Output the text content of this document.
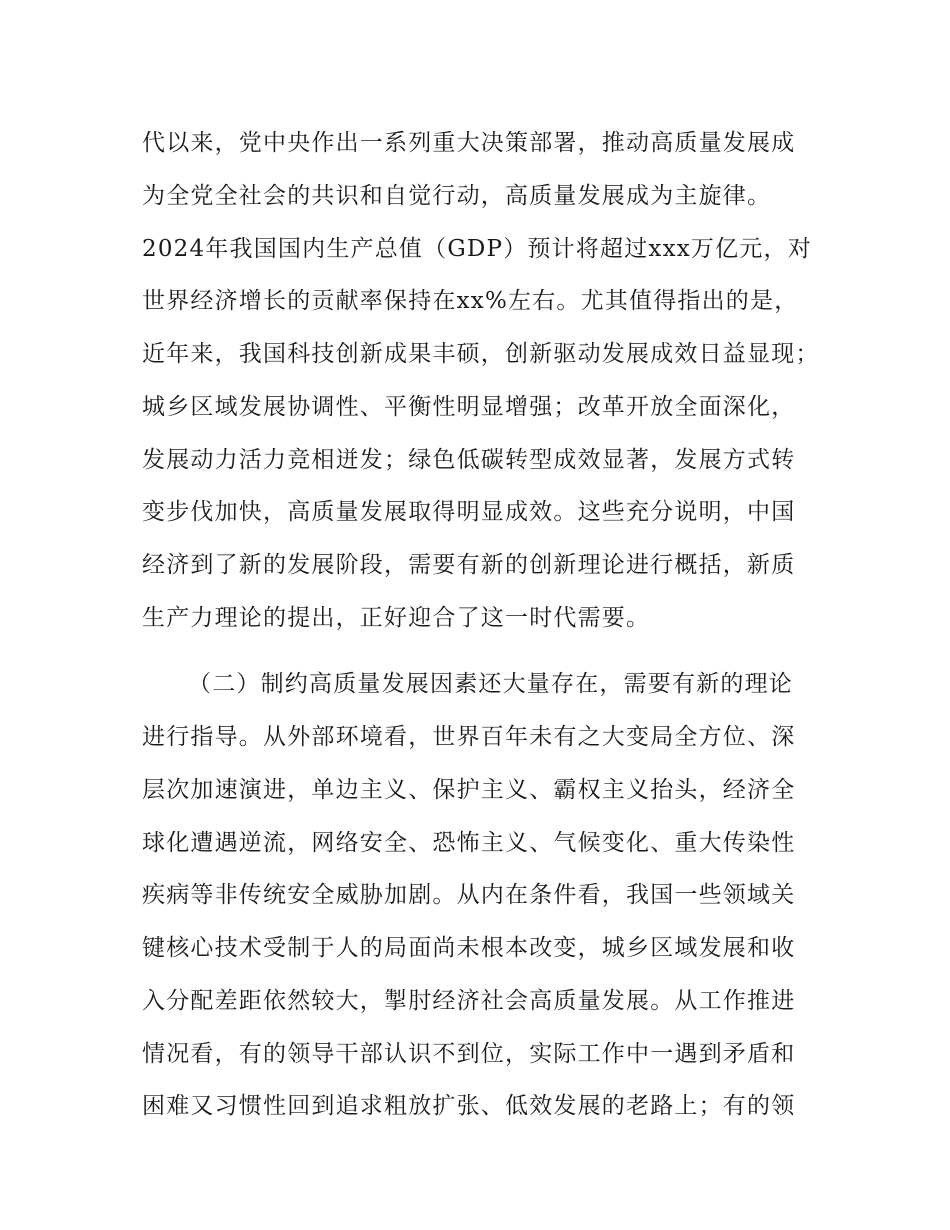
代以来，党中央作出一系列重大决策部署，推动高质量发展成
为全党全社会的共识和自觉行动，高质量发展成为主旋律。
2024年我国国内生产总值（GDP）预计将超过xxx万亿元，对
世界经济增长的贡献率保持在xx%左右。尤其值得指出的是，
近年来，我国科技创新成果丰硕，创新驱动发展成效日益显现；
城乡区域发展协调性、平衡性明显增强；改革开放全面深化，
发展动力活力竞相迸发；绿色低碳转型成效显著，发展方式转
变步伐加快，高质量发展取得明显成效。这些充分说明，中国
经济到了新的发展阶段，需要有新的创新理论进行概括，新质
生产力理论的提出，正好迎合了这一时代需要。
（二）制约高质量发展因素还大量存在，需要有新的理论
进行指导。从外部环境看，世界百年未有之大变局全方位、深
层次加速演进，单边主义、保护主义、霸权主义抬头，经济全
球化遭遇逆流，网络安全、恐怖主义、气候变化、重大传染性
疾病等非传统安全威胁加剧。从内在条件看，我国一些领域关
键核心技术受制于人的局面尚未根本改变，城乡区域发展和收
入分配差距依然较大，掣肘经济社会高质量发展。从工作推进
情况看，有的领导干部认识不到位，实际工作中一遇到矛盾和
困难又习惯性回到追求粗放扩张、低效发展的老路上；有的领
